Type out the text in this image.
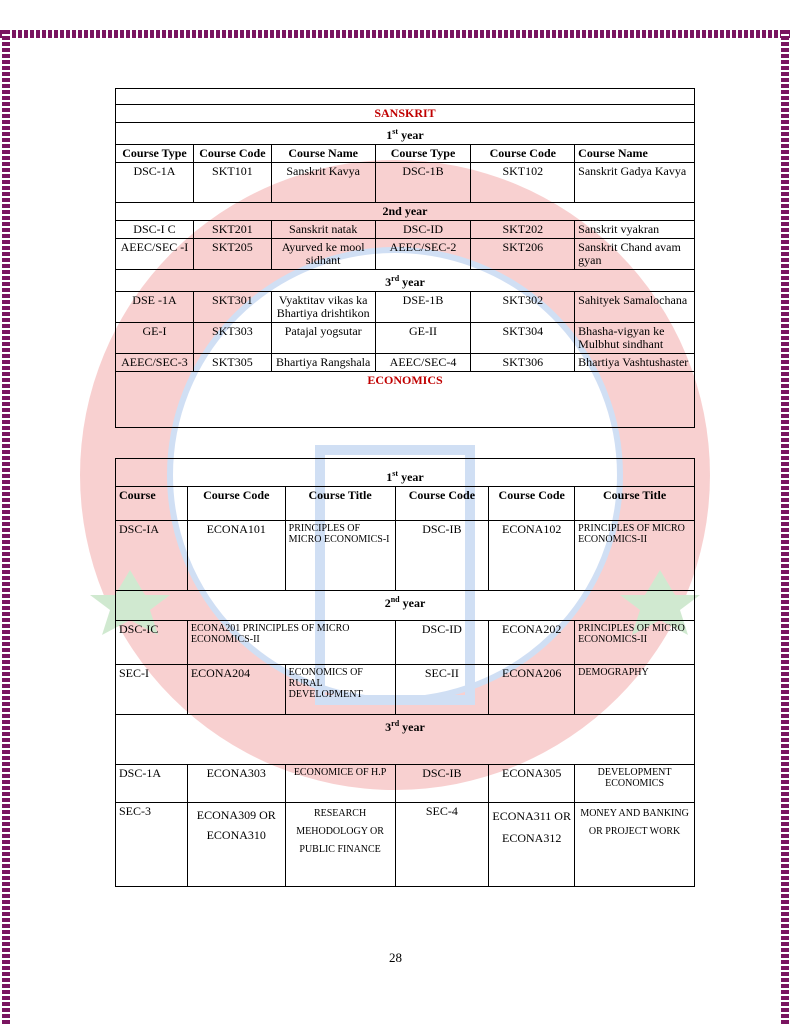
SANSKRIT					
1st year					
Course Type	Course Code	Course Name	Course Type	Course Code	Course Name
DSC-1A	SKT101	Sanskrit Kavya	DSC-1B	SKT102	Sanskrit Gadya Kavya
2nd year					
DSC-I C	SKT201	Sanskrit natak	DSC-ID	SKT202	Sanskrit vyakran
AEEC/SEC -I	SKT205	Ayurved ke mool sidhant	AEEC/SEC-2	SKT206	Sanskrit Chand avam gyan
3rd year					
DSE -1A	SKT301	Vyaktitav vikas ka Bhartiya drishtikon	DSE-1B	SKT302	Sahityek Samalochana
GE-I	SKT303	Patajal yogsutar	GE-II	SKT304	Bhasha-vigyan ke Mulbhut sindhant
AEEC/SEC-3	SKT305	Bhartiya Rangshala	AEEC/SEC-4	SKT306	Bhartiya Vashtushaster
ECONOMICS					
1st year					
Course	Course Code	Course Title	Course Code	Course Code	Course Title
DSC-IA	ECONA101	PRINCIPLES OF MICRO ECONOMICS-I	DSC-IB	ECONA102	PRINCIPLES OF MICRO ECONOMICS-II
2nd year					
DSC-IC	ECONA201 PRINCIPLES OF MICRO ECONOMICS-II		DSC-ID	ECONA202	PRINCIPLES OF MICRO ECONOMICS-II
SEC-I	ECONA204	ECONOMICS OF RURAL DEVELOPMENT	SEC-II	ECONA206	DEMOGRAPHY
3rd year					
DSC-1A	ECONA303	ECONOMICE OF H.P	DSC-IB	ECONA305	DEVELOPMENT ECONOMICS
SEC-3	ECONA309 OR ECONA310	RESEARCH MEHODOLOGY OR PUBLIC FINANCE	SEC-4	ECONA311 OR ECONA312	MONEY AND BANKING OR PROJECT WORK
28
